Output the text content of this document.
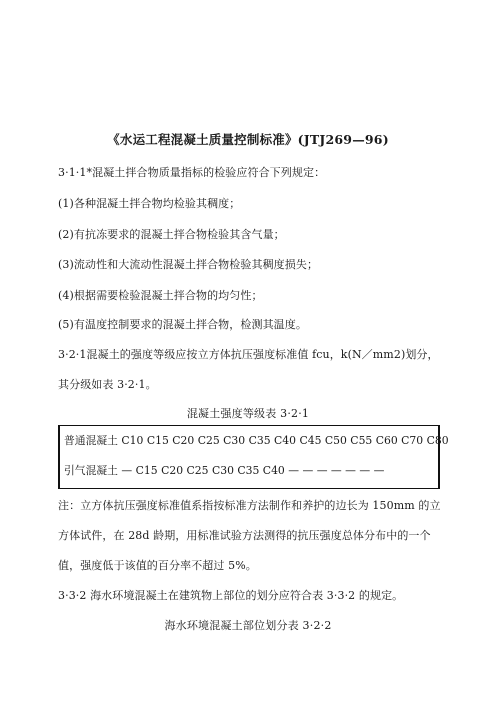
《水运工程混凝土质量控制标准》(JTJ269—96)
3·1·1*混凝土拌合物质量指标的检验应符合下列规定：
(1)各种混凝土拌合物均检验其稠度；
(2)有抗冻要求的混凝土拌合物检验其含气量；
(3)流动性和大流动性混凝土拌合物检验其稠度损失；
(4)根据需要检验混凝土拌合物的均匀性；
(5)有温度控制要求的混凝土拌合物，检测其温度。
3·2·1混凝土的强度等级应按立方体抗压强度标准值 fcu，k(N／mm2)划分，
其分级如表 3·2·1。
混凝土强度等级表 3·2·1
普通混凝土 C10 C15 C20 C25 C30 C35 C40 C45 C50 C55 C60 C70 C80
引气混凝土 — C15 C20 C25 C30 C35 C40 — — — — — — —
注：立方体抗压强度标准值系指按标准方法制作和养护的边长为 150mm 的立
方体试件，在 28d 龄期，用标准试验方法测得的抗压强度总体分布中的一个
值，强度低于该值的百分率不超过 5%。
3·3·2 海水环境混凝土在建筑物上部位的划分应符合表 3·3·2 的规定。
海水环境混凝土部位划分表 3·2·2
